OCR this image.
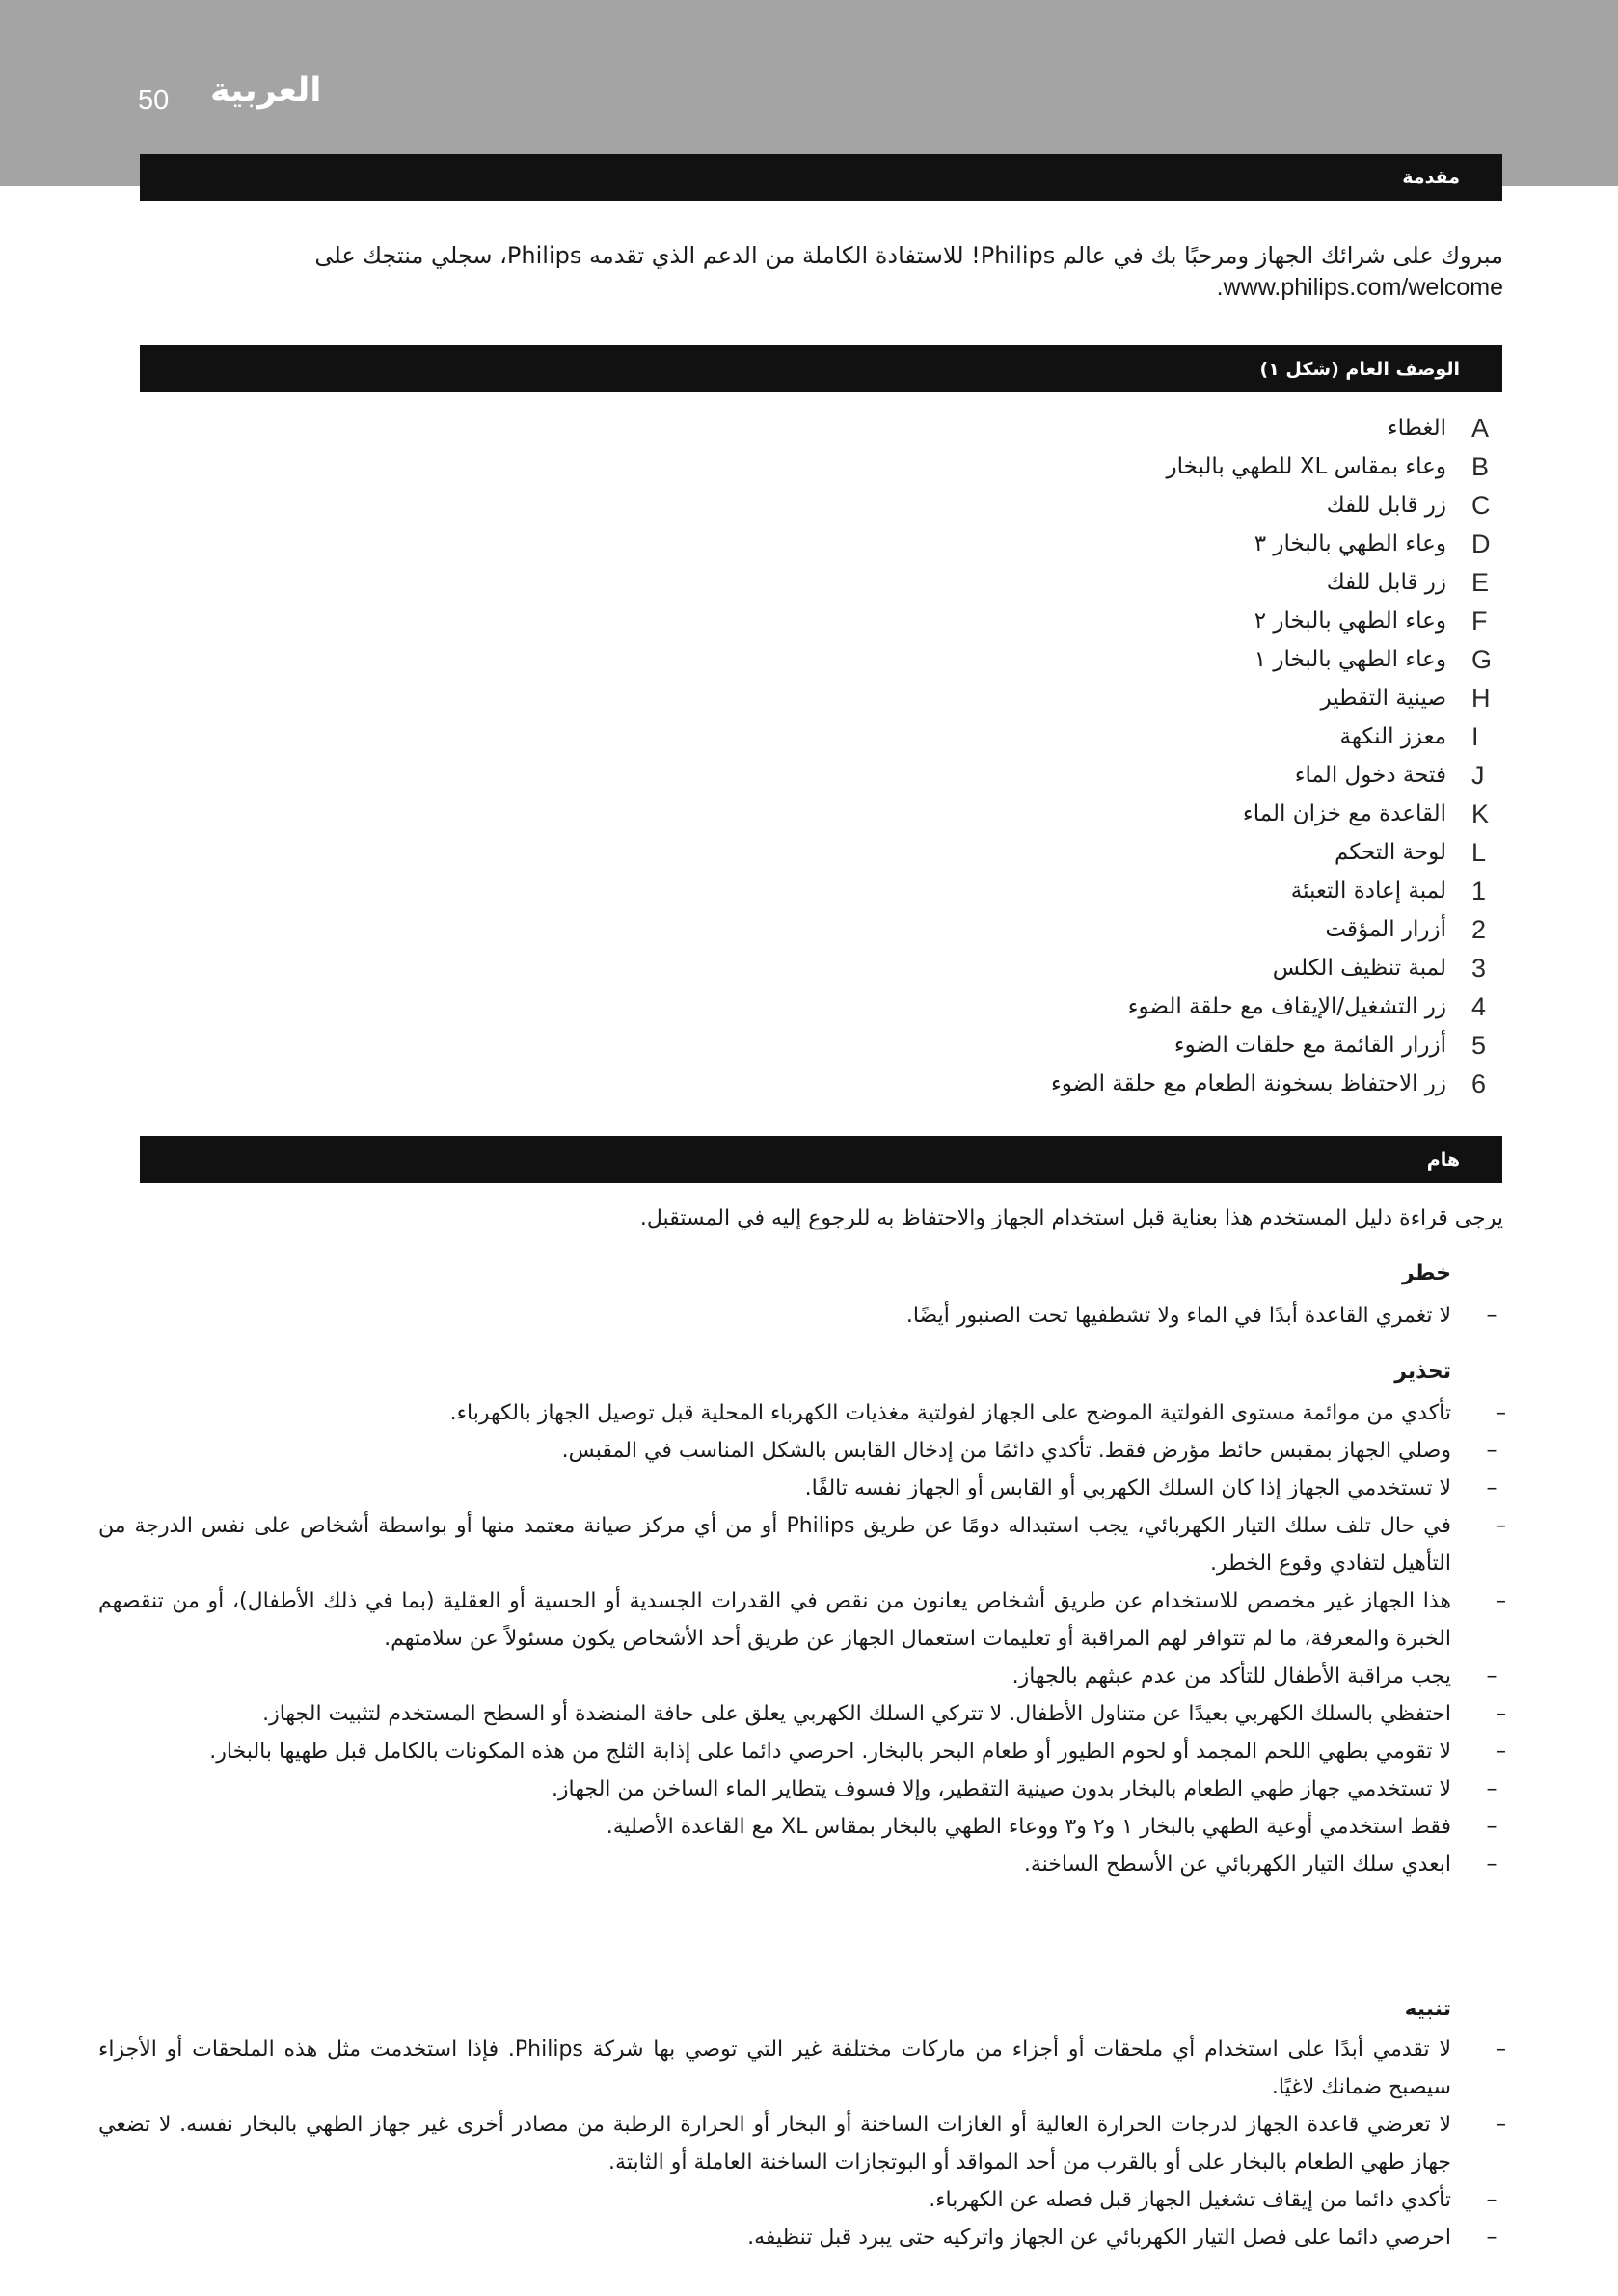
50 العربية
مقدمة
مبروك على شرائك الجهاز ومرحبًا بك في عالم Philips! للاستفادة الكاملة من الدعم الذي تقدمه Philips، سجلي منتجك على
.www.philips.com/welcome
الوصف العام (شكل ١)
A
الغطاء
B
وعاء بمقاس XL للطهي بالبخار
C
زر قابل للفك
D
وعاء الطهي بالبخار ٣
E
زر قابل للفك
F
وعاء الطهي بالبخار ٢
G
وعاء الطهي بالبخار ١
H
صينية التقطير
I
معزز النكهة
J
فتحة دخول الماء
K
القاعدة مع خزان الماء
L
لوحة التحكم
1
لمبة إعادة التعبئة
2
أزرار المؤقت
3
لمبة تنظيف الكلس
4
زر التشغيل/الإيقاف مع حلقة الضوء
5
أزرار القائمة مع حلقات الضوء
6
زر الاحتفاظ بسخونة الطعام مع حلقة الضوء
هام
يرجى قراءة دليل المستخدم هذا بعناية قبل استخدام الجهاز والاحتفاظ به للرجوع إليه في المستقبل.
خطر
–
لا تغمري القاعدة أبدًا في الماء ولا تشطفيها تحت الصنبور أيضًا.
تحذير
–
تأكدي من موائمة مستوى الفولتية الموضح على الجهاز لفولتية مغذيات الكهرباء المحلية قبل توصيل الجهاز بالكهرباء.
–
وصلي الجهاز بمقبس حائط مؤرض فقط. تأكدي دائمًا من إدخال القابس بالشكل المناسب في المقبس.
–
لا تستخدمي الجهاز إذا كان السلك الكهربي أو القابس أو الجهاز نفسه تالفًا.
–
في حال تلف سلك التيار الكهربائي، يجب استبداله دومًا عن طريق Philips أو من أي مركز صيانة معتمد منها أو بواسطة أشخاص على نفس الدرجة من التأهيل لتفادي وقوع الخطر.
–
هذا الجهاز غير مخصص للاستخدام عن طريق أشخاص يعانون من نقص في القدرات الجسدية أو الحسية أو العقلية (بما في ذلك الأطفال)، أو من تنقصهم الخبرة والمعرفة، ما لم تتوافر لهم المراقبة أو تعليمات استعمال الجهاز عن طريق أحد الأشخاص يكون مسئولاً عن سلامتهم.
–
يجب مراقبة الأطفال للتأكد من عدم عبثهم بالجهاز.
–
احتفظي بالسلك الكهربي بعيدًا عن متناول الأطفال. لا تتركي السلك الكهربي يعلق على حافة المنضدة أو السطح المستخدم لتثبيت الجهاز.
–
لا تقومي بطهي اللحم المجمد أو لحوم الطيور أو طعام البحر بالبخار. احرصي دائما على إذابة الثلج من هذه المكونات بالكامل قبل طهيها بالبخار.
–
لا تستخدمي جهاز طهي الطعام بالبخار بدون صينية التقطير، وإلا فسوف يتطاير الماء الساخن من الجهاز.
–
فقط استخدمي أوعية الطهي بالبخار ١ و٢ و٣ ووعاء الطهي بالبخار بمقاس XL مع القاعدة الأصلية.
–
ابعدي سلك التيار الكهربائي عن الأسطح الساخنة.
تنبيه
–
لا تقدمي أبدًا على استخدام أي ملحقات أو أجزاء من ماركات مختلفة غير التي توصي بها شركة Philips. فإذا استخدمت مثل هذه الملحقات أو الأجزاء سيصبح ضمانك لاغيًا.
–
لا تعرضي قاعدة الجهاز لدرجات الحرارة العالية أو الغازات الساخنة أو البخار أو الحرارة الرطبة من مصادر أخرى غير جهاز الطهي بالبخار نفسه. لا تضعي جهاز طهي الطعام بالبخار على أو بالقرب من أحد المواقد أو البوتجازات الساخنة العاملة أو الثابتة.
–
تأكدي دائما من إيقاف تشغيل الجهاز قبل فصله عن الكهرباء.
–
احرصي دائما على فصل التيار الكهربائي عن الجهاز واتركيه حتى يبرد قبل تنظيفه.
